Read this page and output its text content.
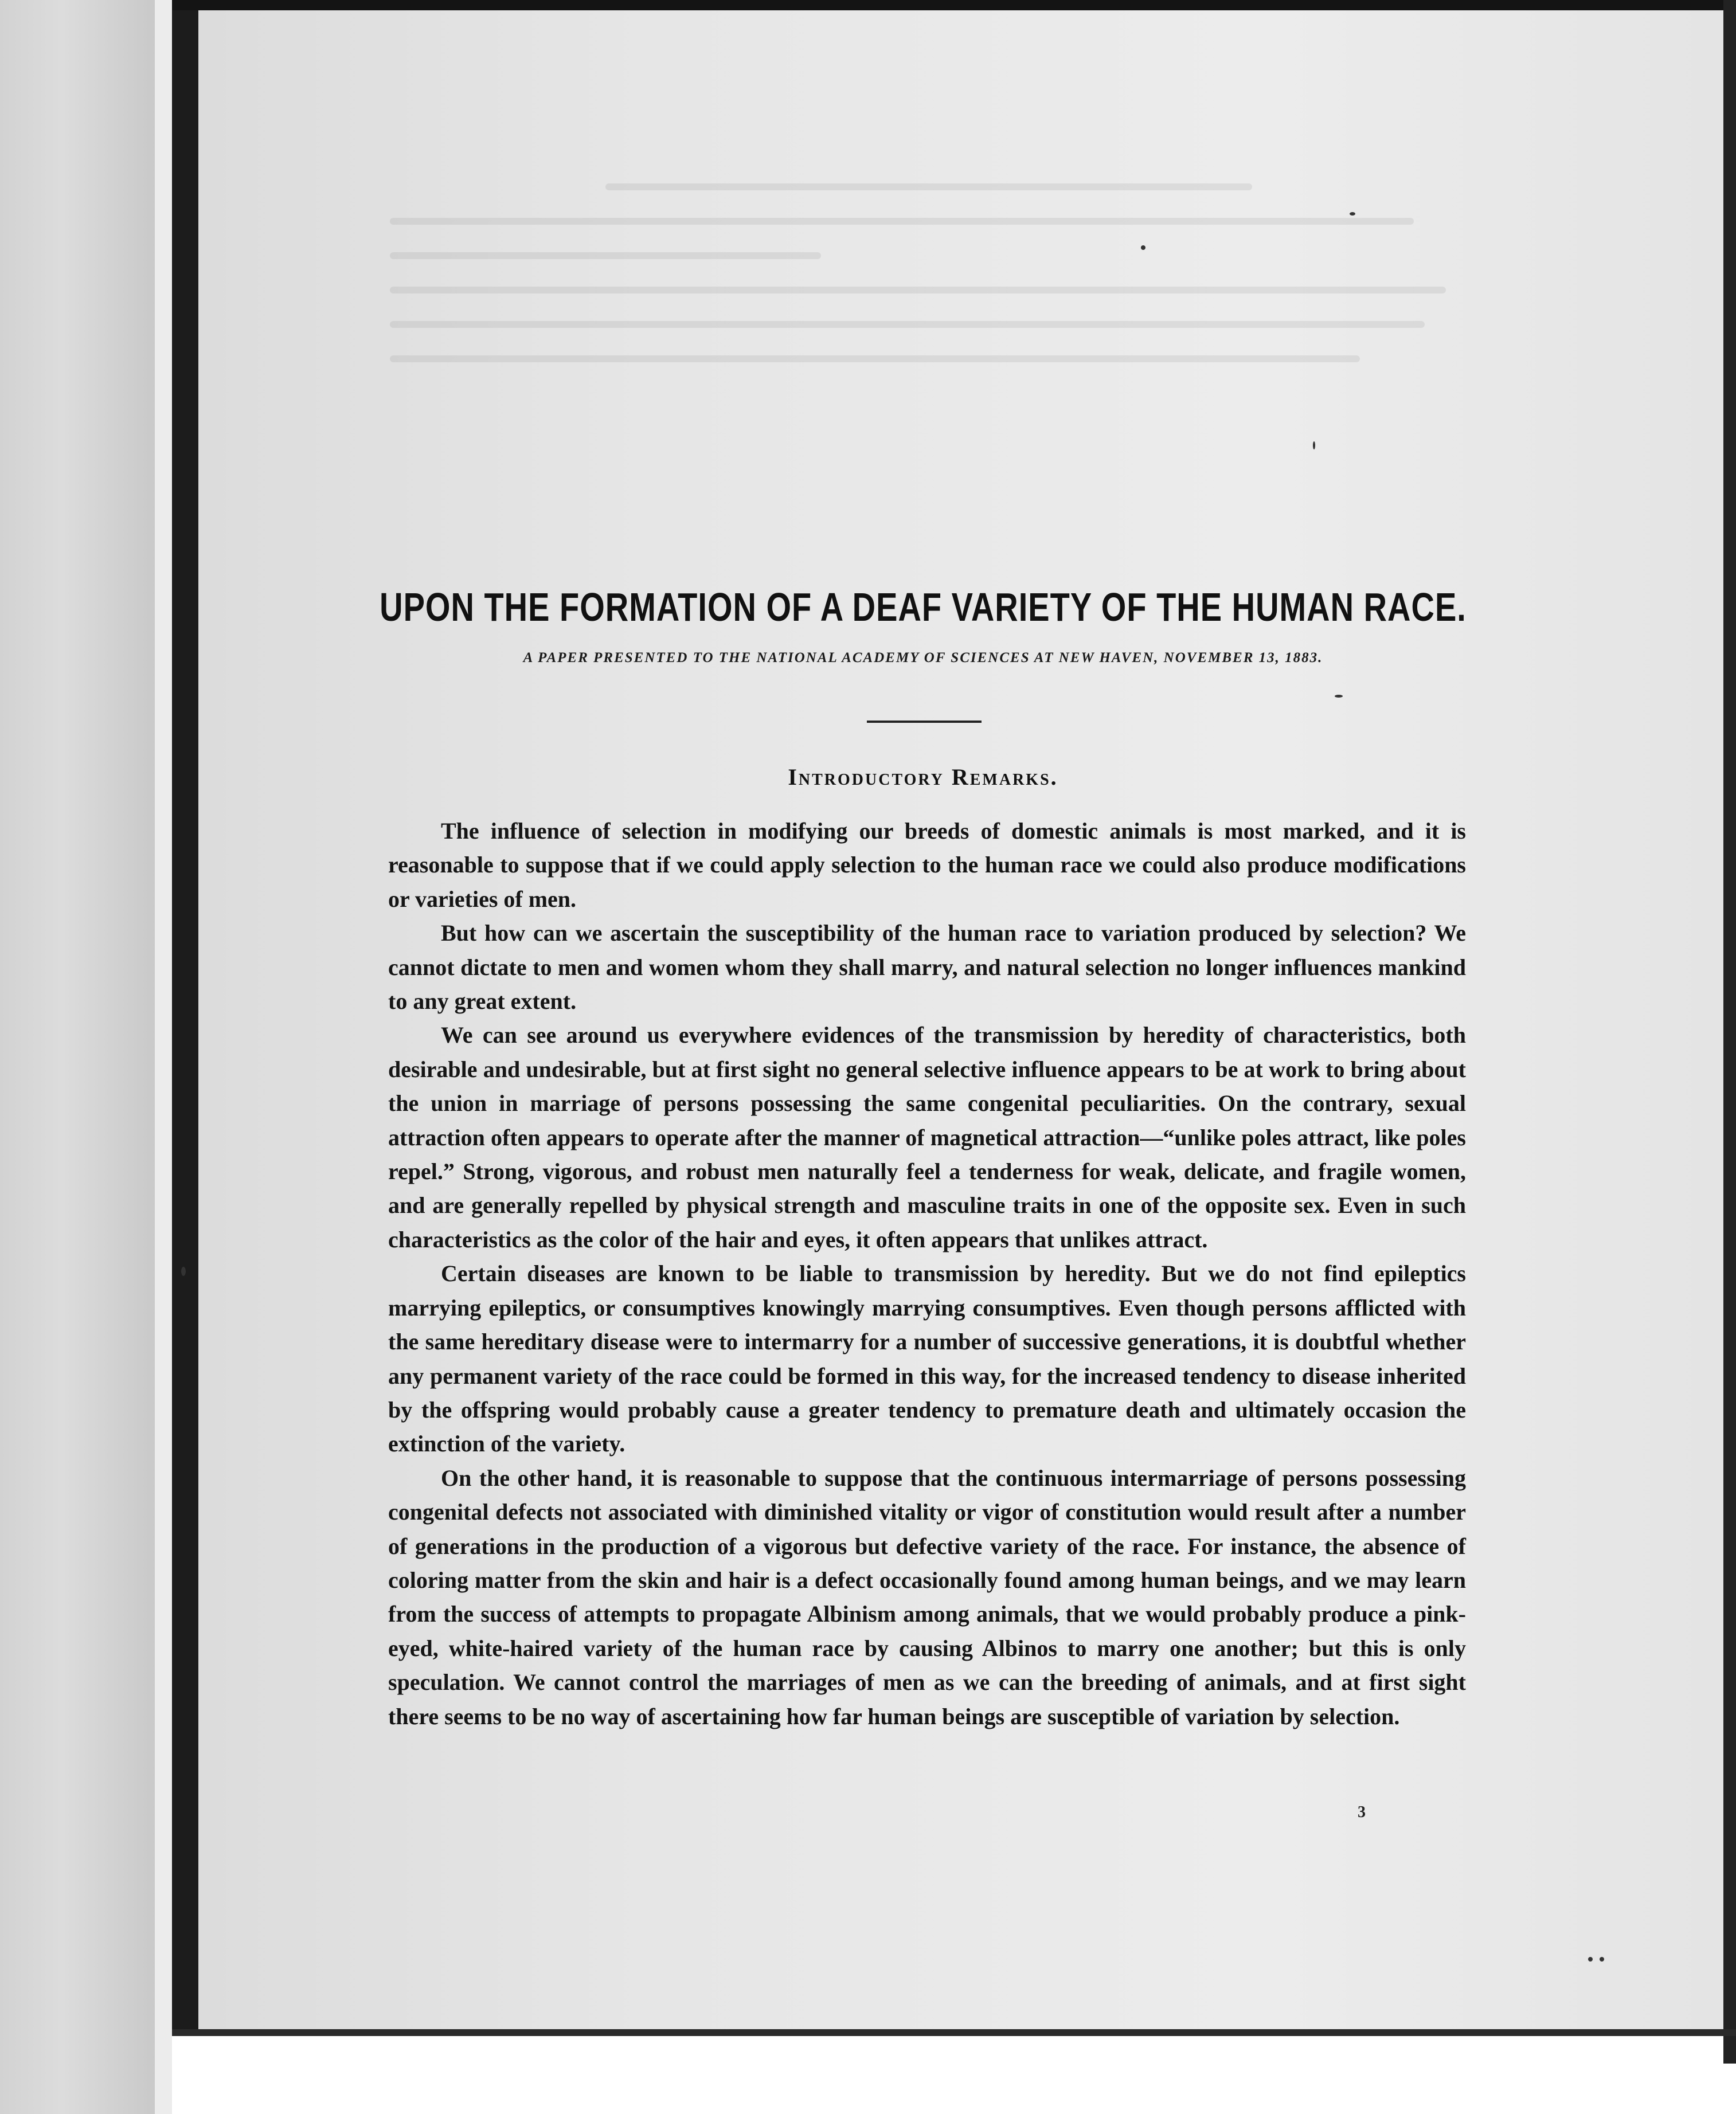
UPON THE FORMATION OF A DEAF VARIETY OF THE HUMAN RACE.
A PAPER PRESENTED TO THE NATIONAL ACADEMY OF SCIENCES AT NEW HAVEN, NOVEMBER 13, 1883.
Introductory Remarks.

The influence of selection in modifying our breeds of domestic animals is most marked, and it is reasonable to suppose that if we could apply selection to the human race we could also produce modifications or varieties of men.

But how can we ascertain the susceptibility of the human race to variation produced by selection? We cannot dictate to men and women whom they shall marry, and natural selection no longer influences mankind to any great extent.

We can see around us everywhere evidences of the transmission by heredity of characteristics, both desirable and undesirable, but at first sight no general selective influence appears to be at work to bring about the union in marriage of persons possessing the same congenital peculiarities. On the contrary, sexual attraction often appears to operate after the manner of magnetical attraction—“unlike poles attract, like poles repel.” Strong, vigorous, and robust men naturally feel a tenderness for weak, delicate, and fragile women, and are generally repelled by physical strength and masculine traits in one of the opposite sex. Even in such characteristics as the color of the hair and eyes, it often appears that unlikes attract.

Certain diseases are known to be liable to transmission by heredity. But we do not find epileptics marrying epileptics, or consumptives knowingly marrying consumptives. Even though persons afflicted with the same hereditary disease were to intermarry for a number of successive generations, it is doubtful whether any permanent variety of the race could be formed in this way, for the increased tendency to disease inherited by the offspring would probably cause a greater tendency to premature death and ultimately occasion the extinction of the variety.

On the other hand, it is reasonable to suppose that the continuous intermarriage of persons possessing congenital defects not associated with diminished vitality or vigor of constitution would result after a number of generations in the production of a vigorous but defective variety of the race. For instance, the absence of coloring matter from the skin and hair is a defect occasionally found among human beings, and we may learn from the success of attempts to propagate Albinism among animals, that we would probably produce a pink-eyed, white-haired variety of the human race by causing Albinos to marry one another; but this is only speculation. We cannot control the marriages of men as we can the breeding of animals, and at first sight there seems to be no way of ascertaining how far human beings are susceptible of variation by selection.

3
